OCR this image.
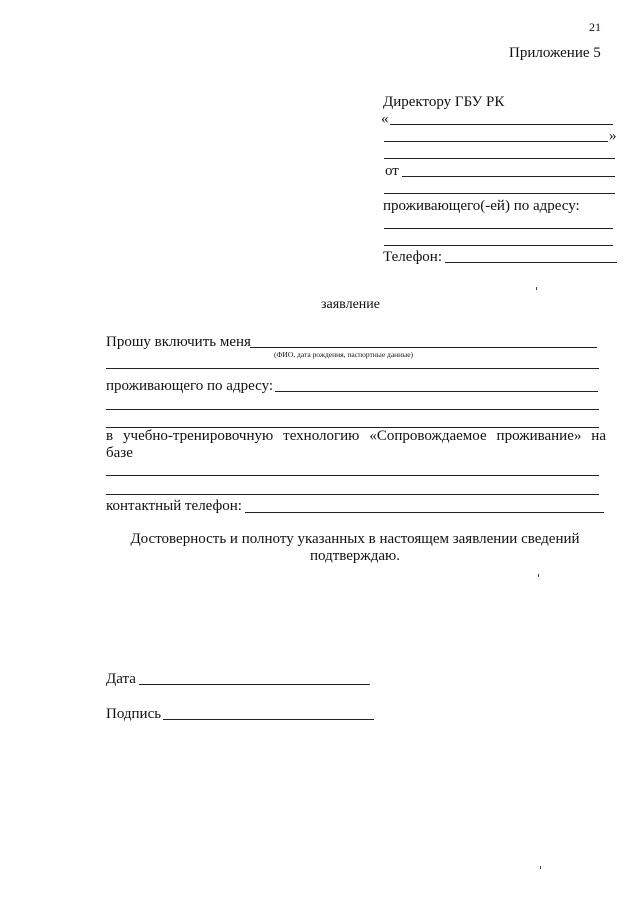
21
Приложение 5
Директору ГБУ РК
«
»
от
проживающего(-ей) по адресу:
Телефон:
заявление
Прошу включить меня
(ФИО, дата рождения, паспортные данные)
проживающего по адресу:
в учебно-тренировочную технологию «Сопровождаемое проживание» на
базе
контактный телефон:
Достоверность и полноту указанных в настоящем заявлении сведений
подтверждаю.
Дата
Подпись
